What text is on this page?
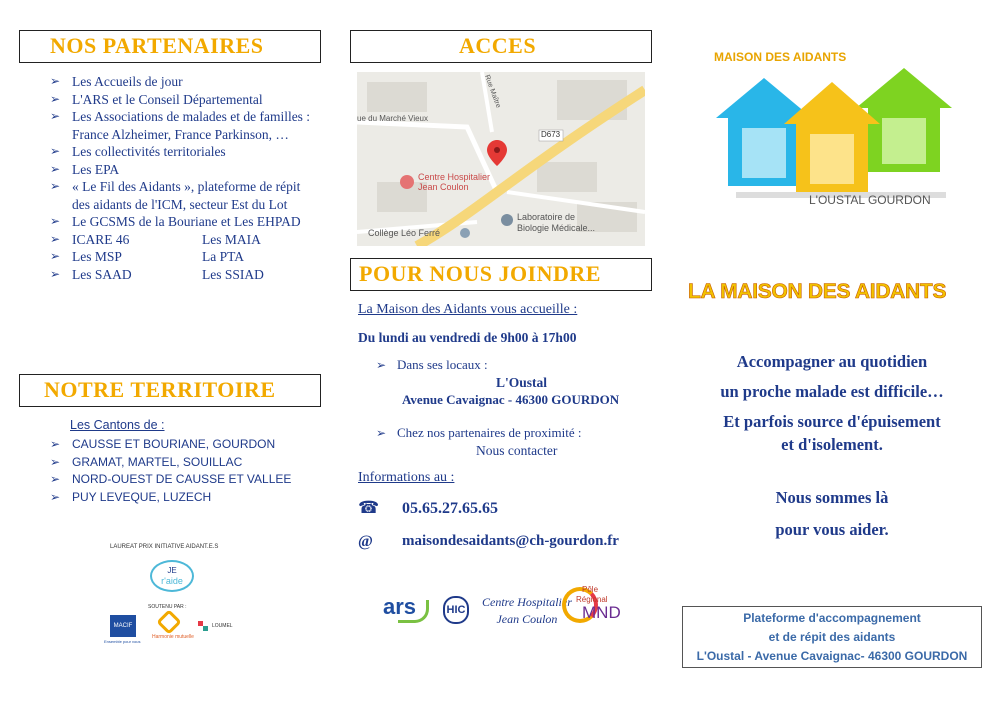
NOS PARTENAIRES
➢ Les Accueils de jour
➢ L'ARS et le Conseil Départemental
➢ Les Associations de malades et de familles : France Alzheimer, France Parkinson, …
➢ Les collectivités territoriales
➢ Les EPA
➢ « Le Fil des Aidants », plateforme de répit des aidants de l'ICM, secteur Est du Lot
➢ Le GCSMS de la Bouriane et Les EHPAD
➢ ICARE 46	Les MAIA
➢ Les MSP	La PTA
➢ Les SAAD	Les SSIAD
NOTRE TERRITOIRE
Les Cantons de :
➢ CAUSSE ET BOURIANE, GOURDON
➢ GRAMAT, MARTEL, SOUILLAC
➢ NORD-OUEST DE CAUSSE ET VALLEE
➢ PUY LEVEQUE, LUZECH
LAUREAT PRIX INITIATIVE AIDANT.E.S
JE
r'aide
SOUTENU PAR :
MACIF
Ensemble pour vous
Harmonie mutuelle
LOUMEL
ACCES
D673
Rue Maître
ue du Marché Vieux
Centre Hospitalier
Jean Coulon
Laboratoire de
Biologie Médicale...
Collège Léo Ferré
POUR NOUS JOINDRE
La Maison des Aidants vous accueille :
Du lundi au vendredi de 9h00 à 17h00
➢ Dans ses locaux :
L'Oustal
Avenue Cavaignac - 46300 GOURDON
➢ Chez nos partenaires de proximité :
Nous contacter
Informations au :
☎ 05.65.27.65.65
@ maisondesaidants@ch-gourdon.fr
ars	HIC
Centre Hospitalier
Jean Coulon
Pôle
Régional
MND
MAISON DES AIDANTS
L'OUSTAL GOURDON
LA MAISON DES AIDANTS
Accompagner au quotidien
un proche malade est difficile…
Et parfois source d'épuisement
et d'isolement.
Nous sommes là
pour vous aider.
Plateforme d'accompagnement
et de répit des aidants
L'Oustal - Avenue Cavaignac- 46300 GOURDON
